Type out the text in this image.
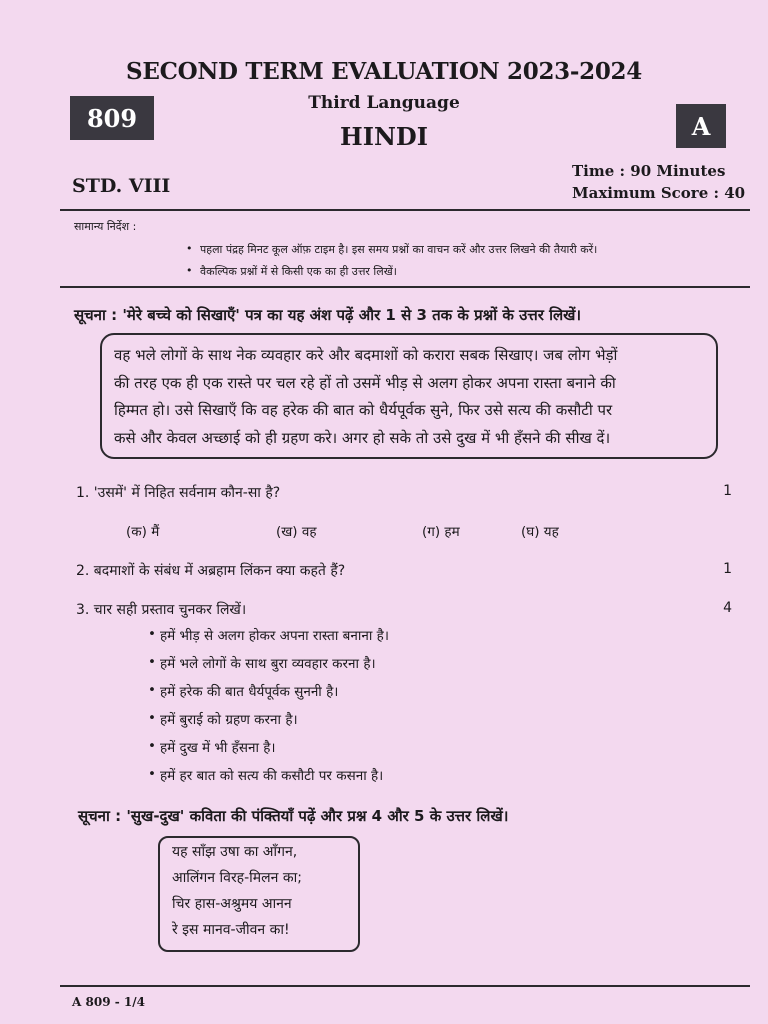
SECOND TERM EVALUATION 2023-2024
Third Language
HINDI
809	A
STD. VIII
Time : 90 Minutes
Maximum Score : 40
सामान्य निर्देश :
• पहला पंद्रह मिनट कूल ऑफ़ टाइम है। इस समय प्रश्नों का वाचन करें और उत्तर लिखने की तैयारी करें।
• वैकल्पिक प्रश्नों में से किसी एक का ही उत्तर लिखें।
सूचना : 'मेरे बच्चे को सिखाएँ' पत्र का यह अंश पढ़ें और 1 से 3 तक के प्रश्नों के उत्तर लिखें।
वह भले लोगों के साथ नेक व्यवहार करे और बदमाशों को करारा सबक सिखाए। जब लोग भेड़ों
की तरह एक ही एक रास्ते पर चल रहे हों तो उसमें भीड़ से अलग होकर अपना रास्ता बनाने की
हिम्मत हो। उसे सिखाएँ कि वह हरेक की बात को धैर्यपूर्वक सुने, फिर उसे सत्य की कसौटी पर
कसे और केवल अच्छाई को ही ग्रहण करे। अगर हो सके तो उसे दुख में भी हँसने की सीख दें।
1. 'उसमें' में निहित सर्वनाम कौन-सा है?	1
(क) मैं	(ख) वह	(ग) हम	(घ) यह
2. बदमाशों के संबंध में अब्रहाम लिंकन क्या कहते हैं?	1
3. चार सही प्रस्ताव चुनकर लिखें।	4
• हमें भीड़ से अलग होकर अपना रास्ता बनाना है।
• हमें भले लोगों के साथ बुरा व्यवहार करना है।
• हमें हरेक की बात धैर्यपूर्वक सुननी है।
• हमें बुराई को ग्रहण करना है।
• हमें दुख में भी हँसना है।
• हमें हर बात को सत्य की कसौटी पर कसना है।
सूचना : 'सुख-दुख' कविता की पंक्तियाँ पढ़ें और प्रश्न 4 और 5 के उत्तर लिखें।
यह साँझ उषा का आँगन,
आलिंगन विरह-मिलन का;
चिर हास-अश्रुमय आनन
रे इस मानव-जीवन का!
A 809 - 1/4
